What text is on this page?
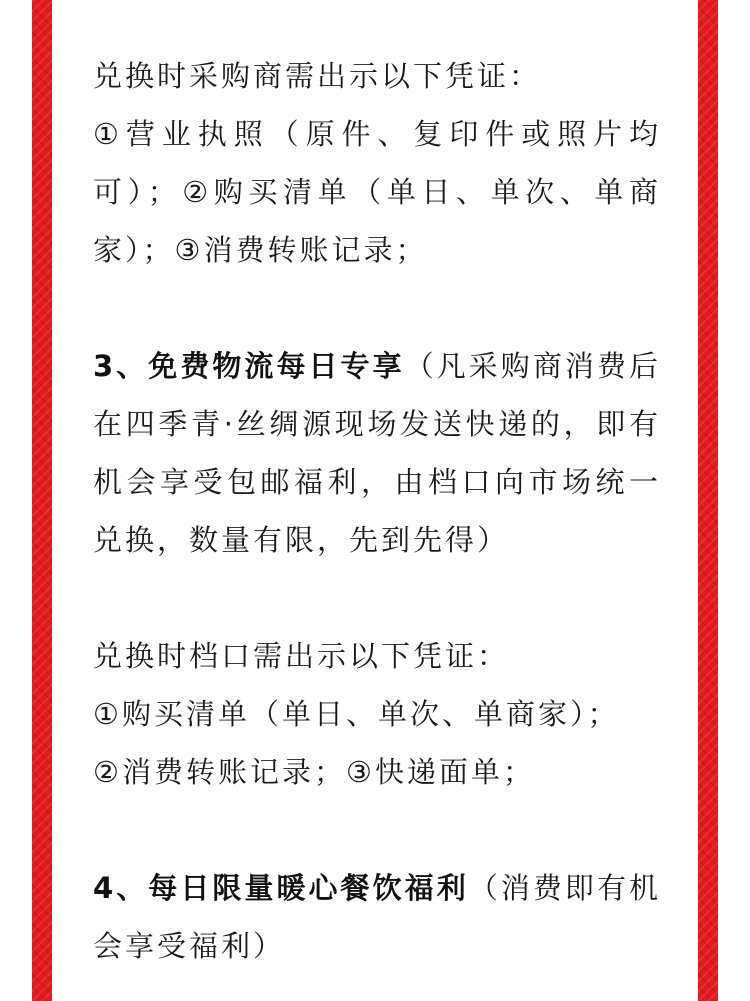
兑换时采购商需出示以下凭证：

①营业执照（原件、复印件或照片均可）；②购买清单（单日、单次、单商家）；③消费转账记录；

3、免费物流每日专享（凡采购商消费后在四季青·丝绸源现场发送快递的，即有机会享受包邮福利，由档口向市场统一兑换，数量有限，先到先得）

兑换时档口需出示以下凭证：

①购买清单（单日、单次、单商家）；

②消费转账记录；③快递面单；

4、每日限量暖心餐饮福利（消费即有机会享受福利）
